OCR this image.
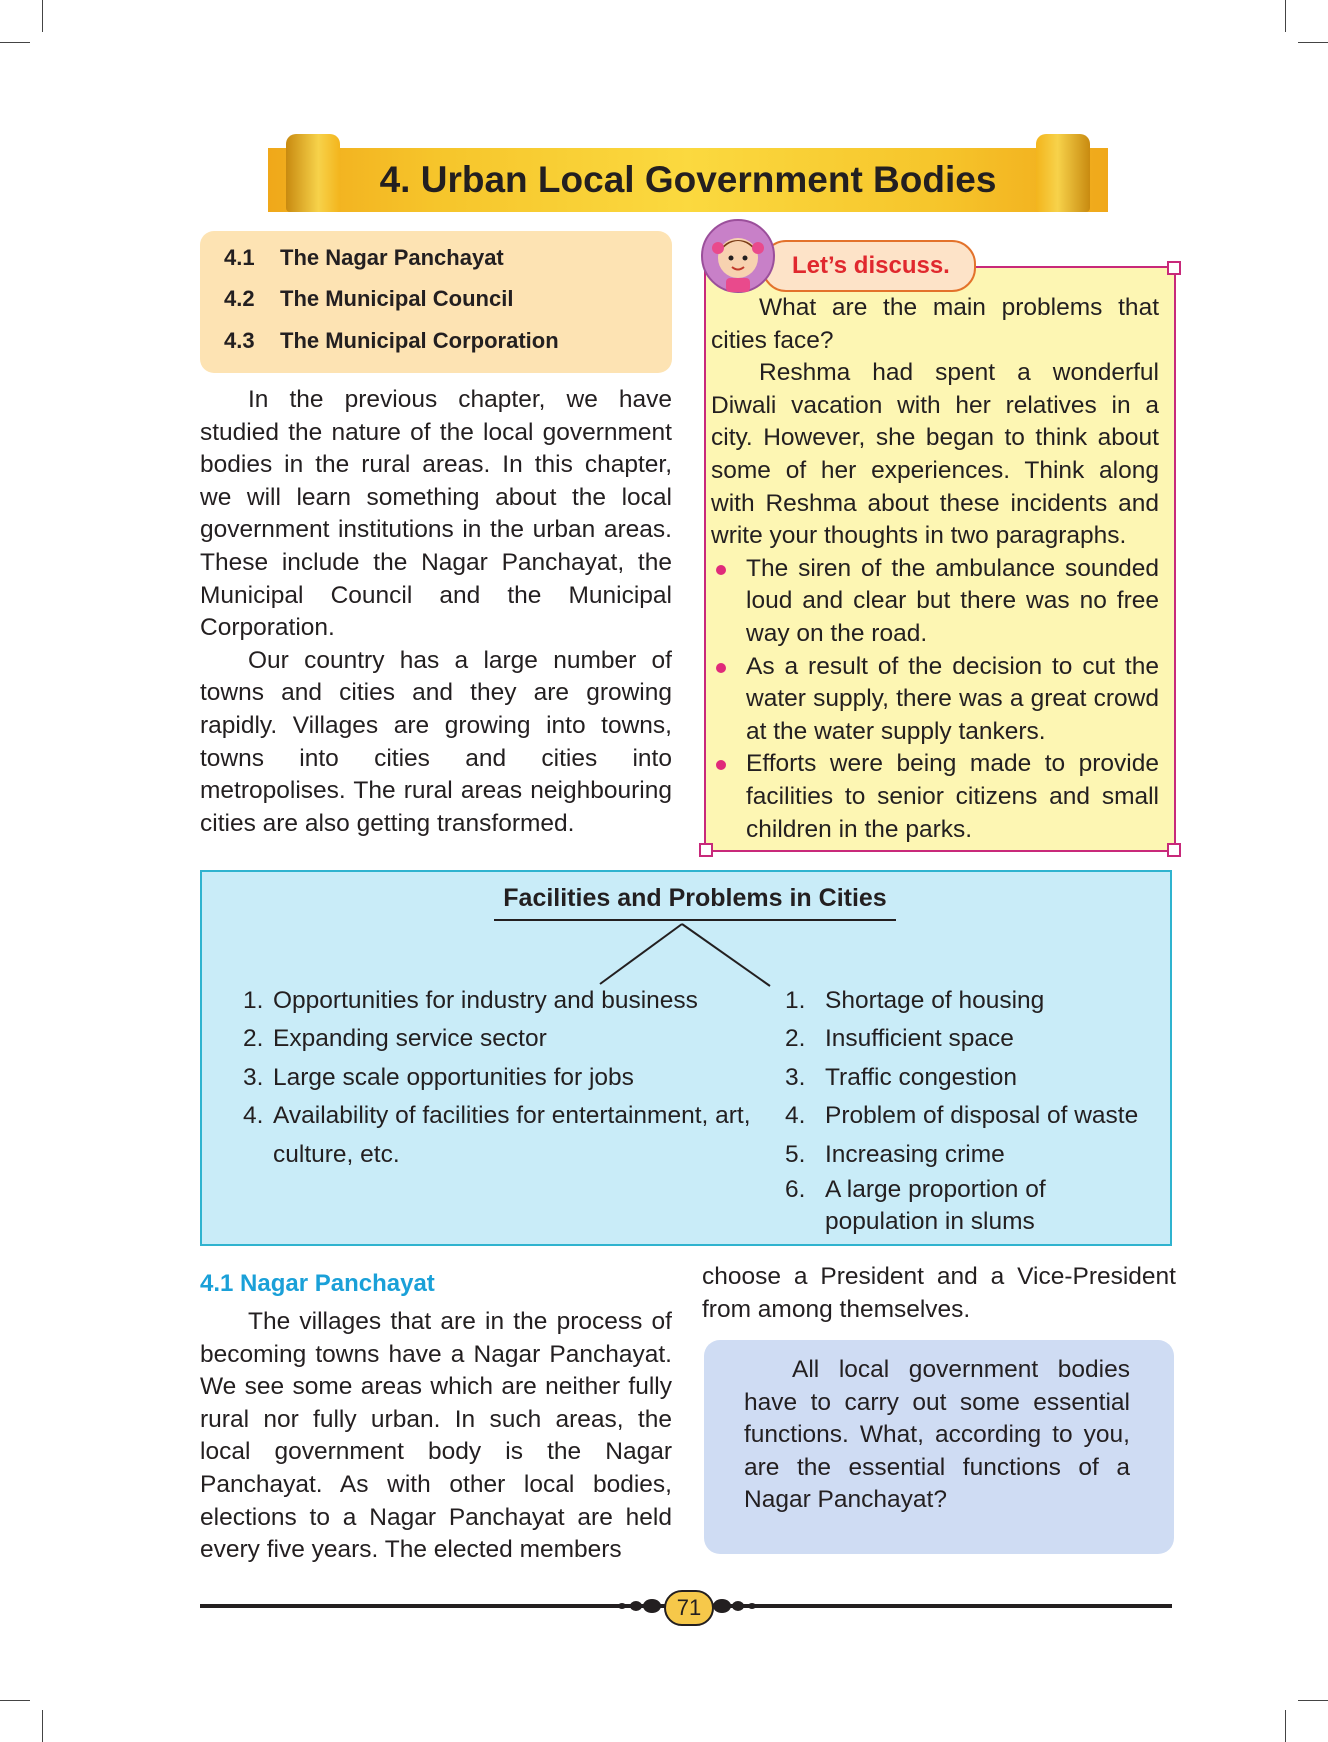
4. Urban Local Government Bodies
4.1 The Nagar Panchayat
4.2 The Municipal Council
4.3 The Municipal Corporation

In the previous chapter, we have studied the nature of the local government bodies in the rural areas. In this chapter, we will learn something about the local government institutions in the urban areas. These include the Nagar Panchayat, the Municipal Council and the Municipal Corporation.

Our country has a large number of towns and cities and they are growing rapidly. Villages are growing into towns, towns into cities and cities into metropolises. The rural areas neighbouring cities are also getting transformed.

Let’s discuss.

What are the main problems that cities face?

Reshma had spent a wonderful Diwali vacation with her relatives in a city. However, she began to think about some of her experiences. Think along with Reshma about these incidents and write your thoughts in two paragraphs.

The siren of the ambulance sounded loud and clear but there was no free way on the road.
As a result of the decision to cut the water supply, there was a great crowd at the water supply tankers.
Efforts were being made to provide facilities to senior citizens and small children in the parks.
Facilities and Problems in Cities
1. Opportunities for industry and business
2. Expanding service sector
3. Large scale opportunities for jobs
4. Availability of facilities for entertainment, art, culture, etc.
1. Shortage of housing
2. Insufficient space
3. Traffic congestion
4. Problem of disposal of waste
5. Increasing crime
6. A large proportion of population in slums
4.1 Nagar Panchayat

The villages that are in the process of becoming towns have a Nagar Panchayat. We see some areas which are neither fully rural nor fully urban. In such areas, the local government body is the Nagar Panchayat. As with other local bodies, elections to a Nagar Panchayat are held every five years. The elected members

choose a President and a Vice-President from among themselves.

All local government bodies have to carry out some essential functions. What, according to you, are the essential functions of a Nagar Panchayat?

71
